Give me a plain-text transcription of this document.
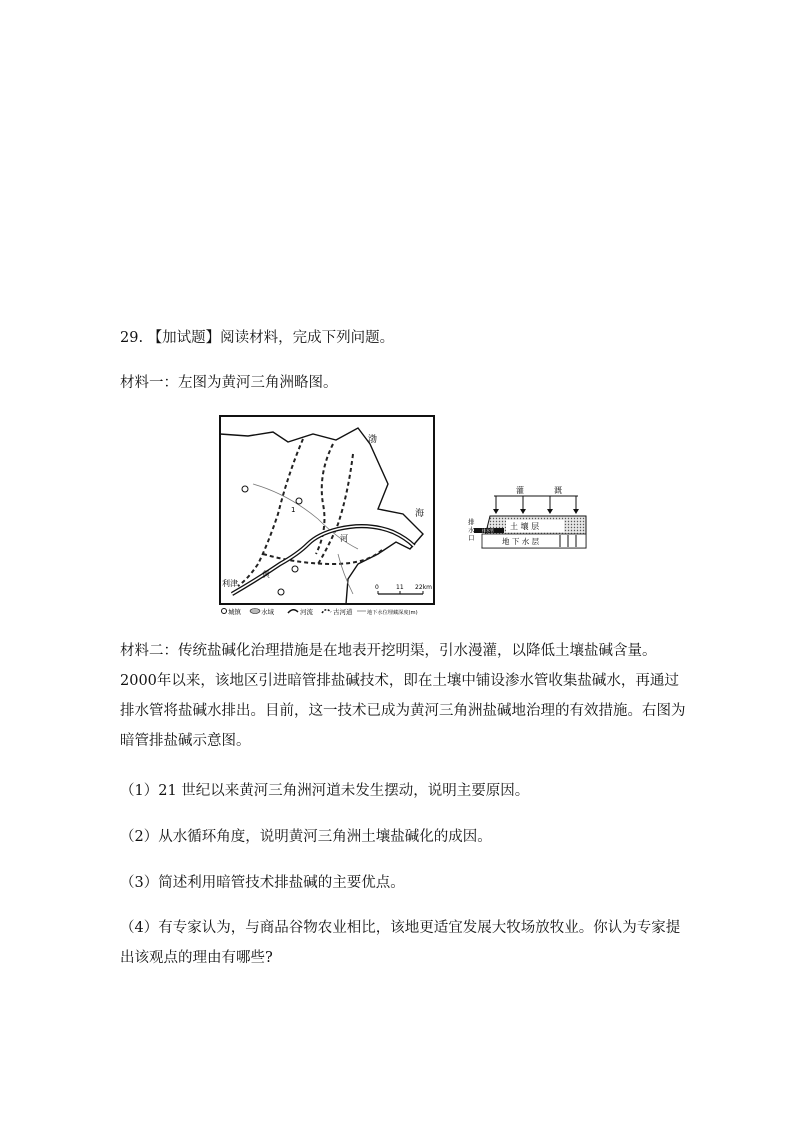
29. 【加试题】阅读材料，完成下列问题。

材料一：左图为黄河三角洲略图。

渤
海
河
黄
利津
1
0	11 22km
城镇	水域	河流	古河道	地下水位埋藏深度(m)
灌	溉
土 壤 层
地 下 水 层
排水管
排
水
口

材料二：传统盐碱化治理措施是在地表开挖明渠，引水漫灌，以降低土壤盐碱含量。2000年以来，该地区引进暗管排盐碱技术，即在土壤中铺设渗水管收集盐碱水，再通过排水管将盐碱水排出。目前，这一技术已成为黄河三角洲盐碱地治理的有效措施。右图为暗管排盐碱示意图。

（1）21 世纪以来黄河三角洲河道未发生摆动，说明主要原因。

（2）从水循环角度，说明黄河三角洲土壤盐碱化的成因。

（3）简述利用暗管技术排盐碱的主要优点。

（4）有专家认为，与商品谷物农业相比，该地更适宜发展大牧场放牧业。你认为专家提出该观点的理由有哪些?
